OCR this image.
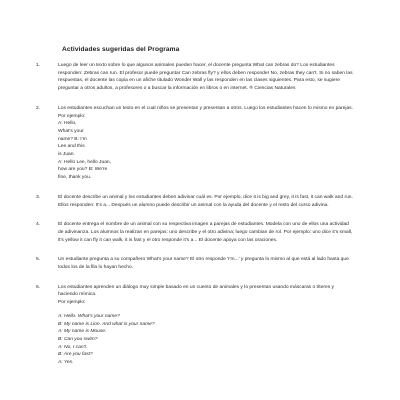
Actividades sugeridas del Programa
1.	Luego de leer un texto sobre lo que algunos animales pueden hacer, el docente pregunta What can zebras do? Los estudiantes responden: Zebras can run. El profesor puede preguntar Can zebras fly? y ellos deben responder No, zebras they can't. Si no saben las respuestas, el docente las copia en un afiche titulado Wonder Wall y las responden en las clases siguientes. Para esto, se sugiere preguntar a otros adultos, a profesores o a buscar la información en libros o en internet. ® Ciencias Naturales

2.	Los estudiantes escuchan un texto en el cual niños se presentan y presentan a otros. Luego los estudiantes hacen lo mismo en parejas.

Por ejemplo:
A: Hello,
What's your
name? B: I'm
Lee and this
is Juan.
A: Hello Lee, hello Juan,
how are you? B: We're
fine, thank you.
3.	El docente describe un animal y los estudiantes deben adivinar cuál es. Por ejemplo, dice it is big and grey, it is fast, it can walk and run. Ellos responden: It's a... Después un alumno puede describir un animal con la ayuda del docente y el resto del curso adivina.

4.	El docente entrega el nombre de un animal con su respectiva imagen a parejas de estudiantes. Modela con uno de ellos una actividad de adivinanza. Los alumnos la realizan en parejas: uno describe y el otro adivina; luego cambian de rol. Por ejemplo: uno dice it's small, it's yellow it can fly it can walk, it is fast y el otro responde it's a... El docente apoya con las oraciones.

5.	Un estudiante pregunta a su compañero What's your name? El otro responde 'I'm...' y pregunta lo mismo al que está al lado hasta que todos los de la fila lo hayan hecho.

6.	Los estudiantes aprenden un diálogo muy simple basado en un cuento de animales y lo presentan usando máscaras o títeres y haciendo mímica.

Por ejemplo:
A: Hello. What's your name?
B: My name is Lion. And what is your name?
A: My name is Mouse.
B: Can you swim?
A: No, I can't.
B: Are you fast?
A: Yes.
